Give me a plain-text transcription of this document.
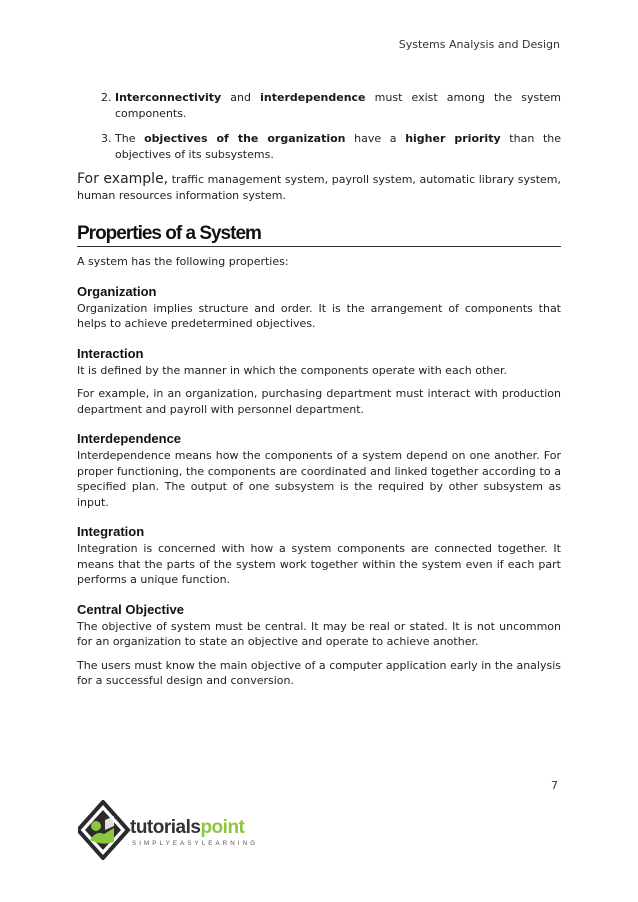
Systems Analysis and Design
2. Interconnectivity and interdependence must exist among the system components.
3. The objectives of the organization have a higher priority than the objectives of its subsystems.

For example, traffic management system, payroll system, automatic library system, human resources information system.

Properties of a System

A system has the following properties:

Organization

Organization implies structure and order. It is the arrangement of components that helps to achieve predetermined objectives.

Interaction

It is defined by the manner in which the components operate with each other.

For example, in an organization, purchasing department must interact with production department and payroll with personnel department.

Interdependence

Interdependence means how the components of a system depend on one another. For proper functioning, the components are coordinated and linked together according to a specified plan. The output of one subsystem is the required by other subsystem as input.

Integration

Integration is concerned with how a system components are connected together. It means that the parts of the system work together within the system even if each part performs a unique function.

Central Objective

The objective of system must be central. It may be real or stated. It is not uncommon for an organization to state an objective and operate to achieve another.

The users must know the main objective of a computer application early in the analysis for a successful design and conversion.

7
tutorialspoint
SIMPLYEASYLEARNING
